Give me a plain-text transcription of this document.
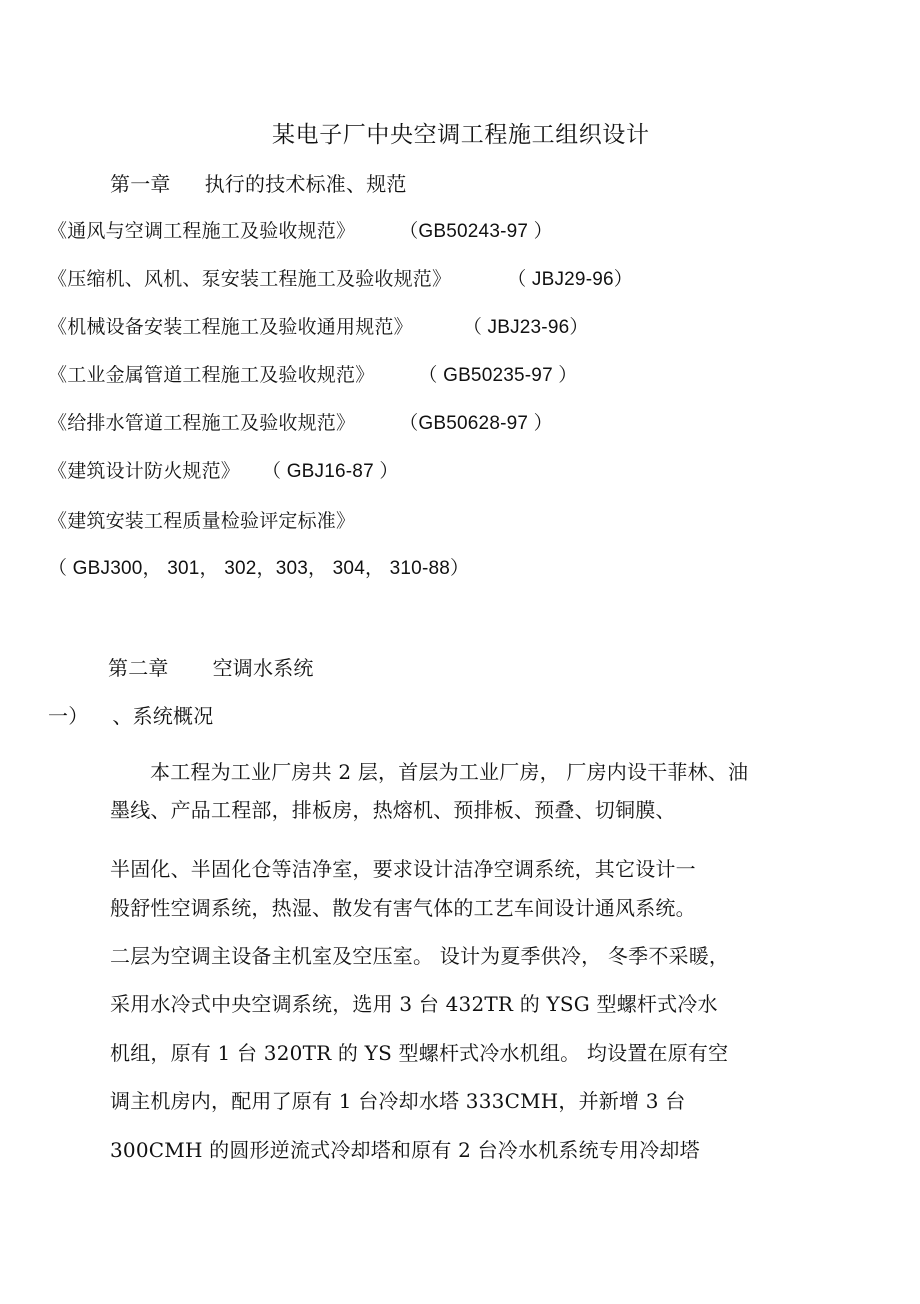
某电子厂中央空调工程施工组织设计
第一章 执行的技术标准、规范
《通风与空调工程施工及验收规范》 （GB50243-97 ）
《压缩机、风机、泵安装工程施工及验收规范》	（ JBJ29-96）
《机械设备安装工程施工及验收通用规范》	（ JBJ23-96）
《工业金属管道工程施工及验收规范》 （ GB50235-97 ）
《给排水管道工程施工及验收规范》 （GB50628-97 ）
《建筑设计防火规范》 （ GBJ16-87 ）
《建筑安装工程质量检验评定标准》
（ GBJ300， 301， 302，303， 304， 310-88）
第二章 空调水系统
一） 、系统概况
本工程为工业厂房共 2 层，首层为工业厂房， 厂房内设干菲林、油
墨线、产品工程部，排板房，热熔机、预排板、预叠、切铜膜、
半固化、半固化仓等洁净室，要求设计洁净空调系统，其它设计一
般舒性空调系统，热湿、散发有害气体的工艺车间设计通风系统。
二层为空调主设备主机室及空压室。 设计为夏季供冷， 冬季不采暖，
采用水冷式中央空调系统，选用 3 台 432TR 的 YSG 型螺杆式冷水
机组，原有 1 台 320TR 的 YS 型螺杆式冷水机组。 均设置在原有空
调主机房内，配用了原有 1 台冷却水塔 333CMH，并新增 3 台
300CMH 的圆形逆流式冷却塔和原有 2 台冷水机系统专用冷却塔
